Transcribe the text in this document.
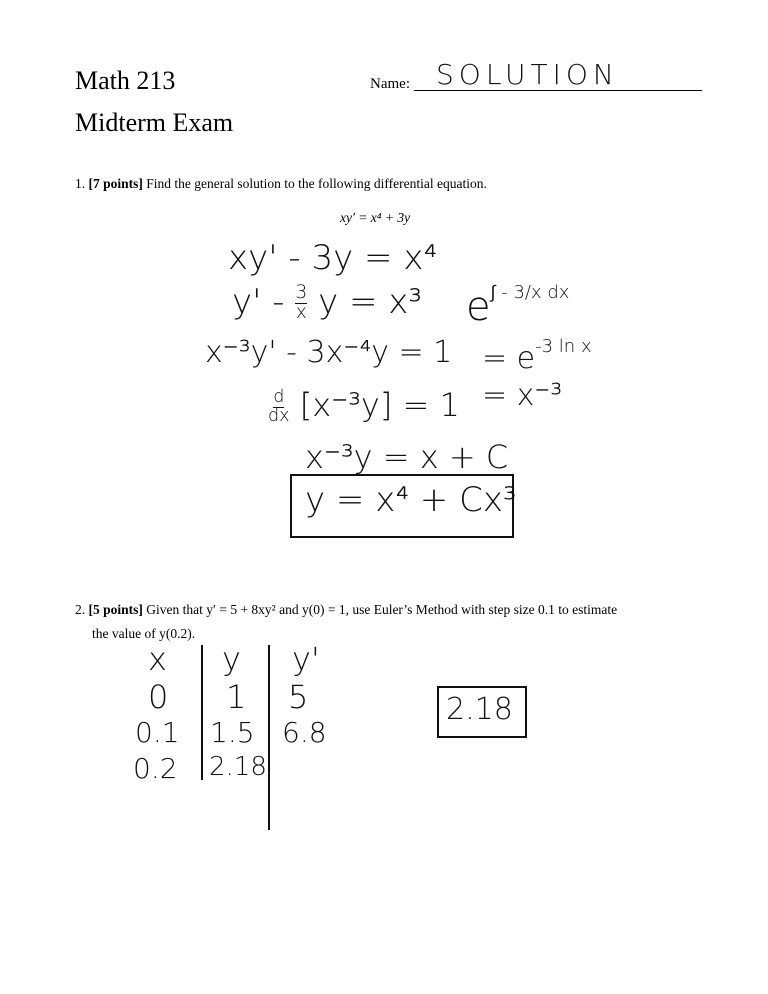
Math 213	Name: SOLUTION
Midterm Exam
1. [7 points] Find the general solution to the following differential equation.
xy′ = x⁴ + 3y
xy' - 3y = x⁴
y' - $\frac{3}{x}$ y = x³
x⁻³y' - 3x⁻⁴y = 1
$\frac{d}{dx} [x^{-3}y] = 1$
x⁻³y = x + C
y = x⁴ + Cx³
$e^{\int - 3/x dx}$
= $e^{-3 ln x}$
= x⁻³
2. [5 points] Given that y′ = 5 + 8xy² and y(0) = 1, use Euler’s Method with step size 0.1 to estimate
the value of y(0.2).
x y y'
0 1 5
0.1 1.5 6.8
0.2 2.18
2.18
